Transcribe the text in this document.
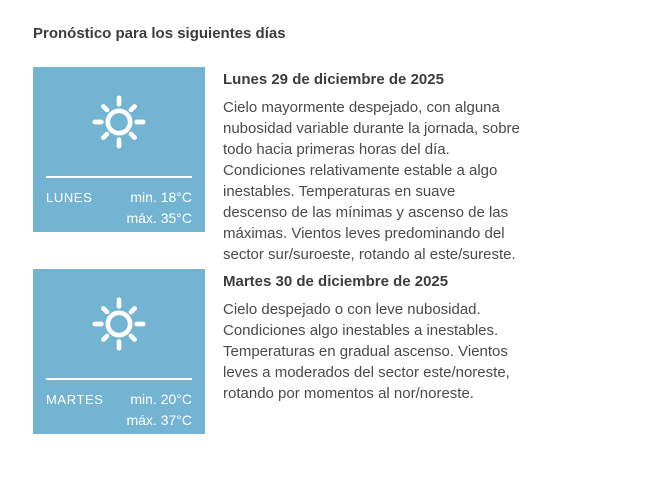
Pronóstico para los siguientes días
LUNES	min. 18°C
máx. 35°C
Lunes 29 de diciembre de 2025

Cielo mayormente despejado, con alguna nubosidad variable durante la jornada, sobre todo hacia primeras horas del día. Condiciones relativamente estable a algo inestables. Temperaturas en suave descenso de las mínimas y ascenso de las máximas. Vientos leves predominando del sector sur/suroeste, rotando al este/sureste.

MARTES min. 20°C
máx. 37°C
Martes 30 de diciembre de 2025

Cielo despejado o con leve nubosidad. Condiciones algo inestables a inestables. Temperaturas en gradual ascenso. Vientos leves a moderados del sector este/noreste, rotando por momentos al nor/noreste.
